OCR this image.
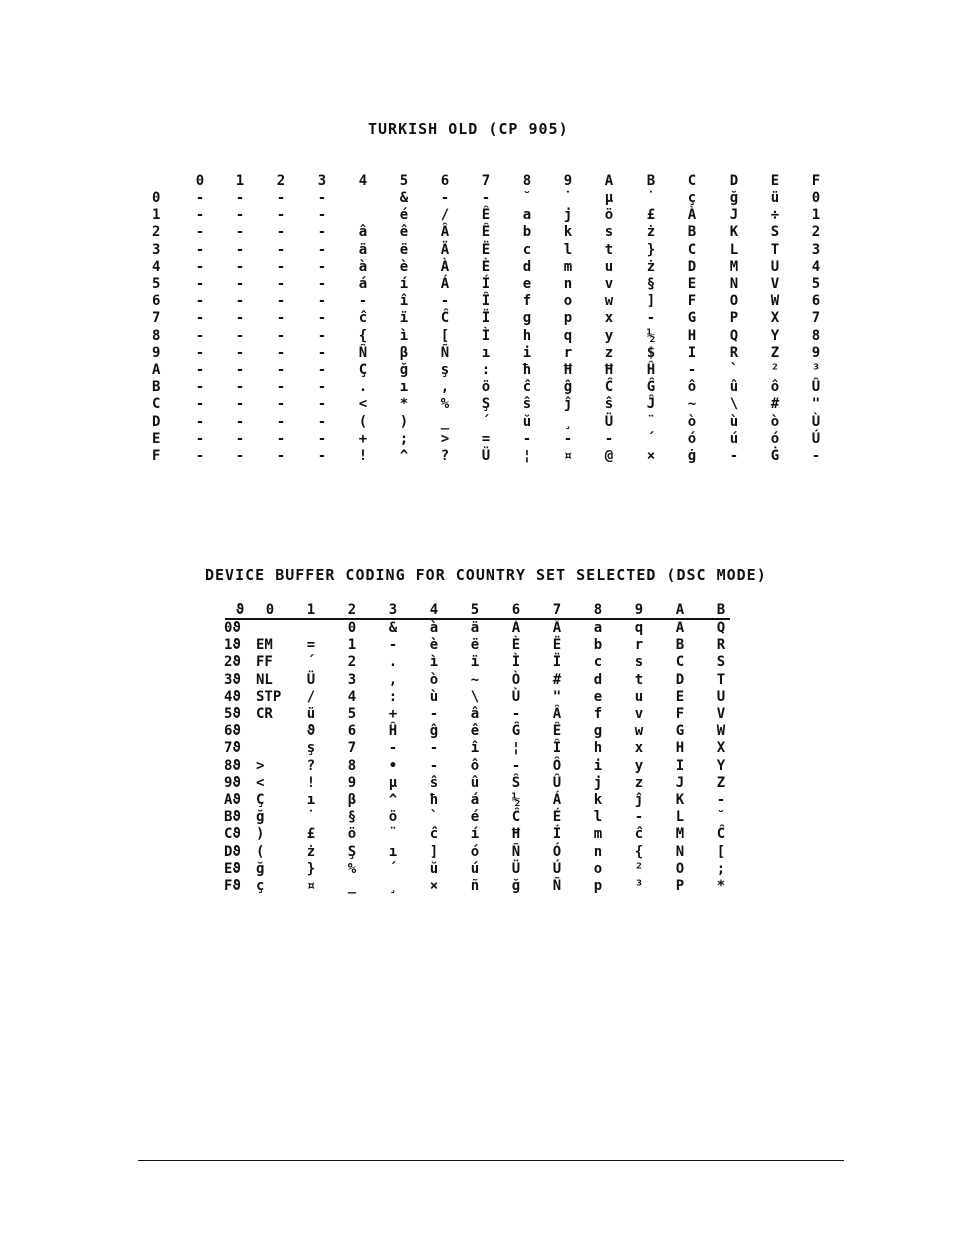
TURKISH OLD (CP 905)
0 1 2 3 4 5 6 7 8 9 A B C D E F
0
1
2
3
4
5
6
7
8
9
A
B
C
D
E
F
-
-
-
-
-
-
-
-
-
-
-
-
-
-
-
-
-
-
-
-
-
-
-
-
-
-
-
-
-
-
-
-
-
-
-
-
-
-
-
-
-
-
-
-
-
-
-
-
-
-
-
-
-
-
-
-
-
-
-
-
-
-
-
-
â
ä
à
á
-
ĉ
{
Ñ
Ç
.
<
(
+
!
&
é
ê
ë
è
í
î
ï
ì
β
ğ
ı
*
)
;
^
-
/
Â
Ä
À
Á
-
Ĉ
[
Ñ
ş
,
%
_
>
?
-
Ê
Ê
Ë
È
Í
Î
Ï
Ì
ı
:
ö
Ş
´
=
Ü
˘
a
b
c
d
e
f
g
h
i
ħ
ĉ
ŝ
ŭ
-
¦
˙
j
k
l
m
n
o
p
q
r
Ħ
ĝ
ĵ
¸
-
¤
µ
ö
s
t
u
v
w
x
y
z
Ħ
Ĉ
ŝ
Ü
-
@
˙
£
ż
}
ż
§
]
-
½
$
Ĥ
Ĝ
Ĵ
¨
´
×
ç
À
B
C
D
E
F
G
H
I
-
ô
~
ò
ó
ġ
ğ
J
K
L
M
N
O
P
Q
R
`
û
\
ù
ú
-
ü
÷
S
T
U
V
W
X
Y
Z
²
ô
#
ò
ó
Ġ
0
1
2
3
4
5
6
7
8
9
³
Û
"
Ù
Ú
-
DEVICE BUFFER CODING FOR COUNTRY SET SELECTED (DSC MODE)
ϑ 0 1 2 3 4 5 6 7 8 9 A B
0ϑ
1ϑ
2ϑ
3ϑ
4ϑ
5ϑ
6ϑ
7ϑ
8ϑ
9ϑ
Aϑ
Bϑ
Cϑ
Dϑ
Eϑ
Fϑ
EM
FF
NL
STP
CR
>
<
Ç
ğ
)
(
ğ
ç
=
´
Ü
/
ü
ϑ
ş
?
!
ı
˙
£
ż
}
¤
0
1
2
3
4
5
6
7
8
9
β
§
ö
Ş
%
_
&
-
.
,
:
+
Ĥ
-
•
µ
^
ö
¨
ı
´
¸
à
è
ì
ò
ù
-
ĝ
-
-
ŝ
ħ
`
ĉ
]
ŭ
×
ä
ë
ï
~
\
â
ê
î
ô
û
á
é
í
ó
ú
ñ
À
È
Ì
Ò
Ù
-
Ĝ
¦
-
Ŝ
½
Ĉ
Ħ
Ñ
Ü
ğ
Ä
Ë
Ï
#
"
Â
Ê
Î
Ô
Û
Á
É
Í
Ó
Ú
Ñ
a
b
c
d
e
f
g
h
i
j
k
l
m
n
o
p
q
r
s
t
u
v
w
x
y
z
ĵ
-
ĉ
{
²
³
A
B
C
D
E
F
G
H
I
J
K
L
M
N
O
P
Q
R
S
T
U
V
W
X
Y
Z
-
˘
Ĉ
[
;
*
